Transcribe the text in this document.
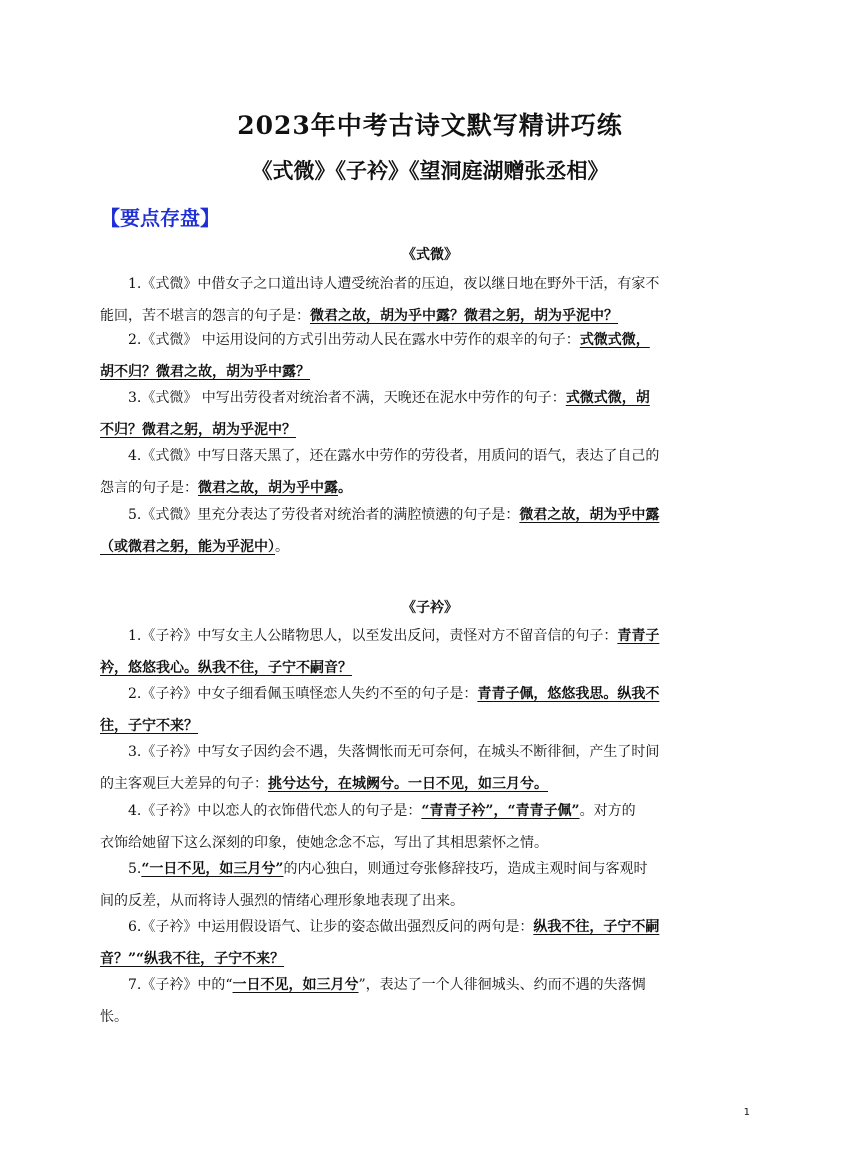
2023年中考古诗文默写精讲巧练
《式微》《子衿》《望洞庭湖赠张丞相》
【要点存盘】
《式微》

1.《式微》中借女子之口道出诗人遭受统治者的压迫，夜以继日地在野外干活，有家不
能回，苦不堪言的怨言的句子是：微君之故，胡为乎中露？微君之躬，胡为乎泥中？

2.《式微》 中运用设问的方式引出劳动人民在露水中劳作的艰辛的句子：式微式微，
胡不归？微君之故，胡为乎中露？

3.《式微》 中写出劳役者对统治者不满，天晚还在泥水中劳作的句子：式微式微，胡
不归？微君之躬，胡为乎泥中？

4.《式微》中写日落天黑了，还在露水中劳作的劳役者，用质问的语气，表达了自己的
怨言的句子是：微君之故，胡为乎中露。

5.《式微》里充分表达了劳役者对统治者的满腔愤懑的句子是：微君之故，胡为乎中露
（或微君之躬，能为乎泥中）。

《子衿》

1.《子衿》中写女主人公睹物思人，以至发出反问，责怪对方不留音信的句子：青青子
衿，悠悠我心。纵我不往，子宁不嗣音？

2.《子衿》中女子细看佩玉嗔怪恋人失约不至的句子是：青青子佩，悠悠我思。纵我不
往，子宁不来？

3.《子衿》中写女子因约会不遇，失落惆怅而无可奈何，在城头不断徘徊，产生了时间
的主客观巨大差异的句子：挑兮达兮，在城阙兮。一日不见，如三月兮。

4.《子衿》中以恋人的衣饰借代恋人的句子是：“青青子衿”，“青青子佩”。对方的
衣饰给她留下这么深刻的印象，使她念念不忘，写出了其相思萦怀之情。

5.“一日不见，如三月兮”的内心独白，则通过夸张修辞技巧，造成主观时间与客观时
间的反差，从而将诗人强烈的情绪心理形象地表现了出来。

6.《子衿》中运用假设语气、让步的姿态做出强烈反问的两句是：纵我不往，子宁不嗣
音？”“纵我不往，子宁不来？

7.《子衿》中的“一日不见，如三月兮”，表达了一个人徘徊城头、约而不遇的失落惆
怅。

1
